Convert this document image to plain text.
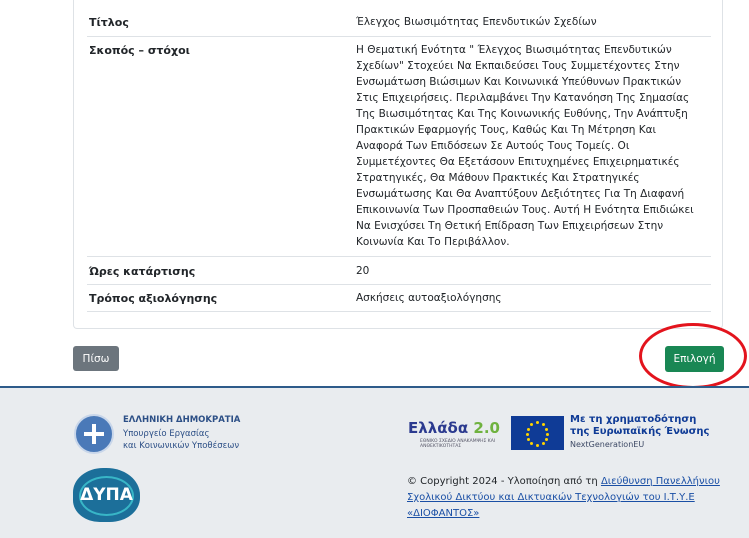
Τίτλος	Έλεγχος Βιωσιμότητας Επενδυτικών Σχεδίων
Σκοπός – στόχοι	Η Θεματική Ενότητα " Έλεγχος Βιωσιμότητας Επενδυτικών Σχεδίων" Στοχεύει Να Εκπαιδεύσει Τους Συμμετέχοντες Στην Ενσωμάτωση Βιώσιμων Και Κοινωνικά Υπεύθυνων Πρακτικών Στις Επιχειρήσεις. Περιλαμβάνει Την Κατανόηση Της Σημασίας Της Βιωσιμότητας Και Της Κοινωνικής Ευθύνης, Την Ανάπτυξη Πρακτικών Εφαρμογής Τους, Καθώς Και Τη Μέτρηση Και Αναφορά Των Επιδόσεων Σε Αυτούς Τους Τομείς. Οι Συμμετέχοντες Θα Εξετάσουν Επιτυχημένες Επιχειρηματικές Στρατηγικές, Θα Μάθουν Πρακτικές Και Στρατηγικές Ενσωμάτωσης Και Θα Αναπτύξουν Δεξιότητες Για Τη Διαφανή Επικοινωνία Των Προσπαθειών Τους. Αυτή Η Ενότητα Επιδιώκει Να Ενισχύσει Τη Θετική Επίδραση Των Επιχειρήσεων Στην Κοινωνία Και Το Περιβάλλον.
Ώρες κατάρτισης	20
Τρόπος αξιολόγησης	Ασκήσεις αυτοαξιολόγησης
Πίσω	Επιλογή
ΕΛΛΗΝΙΚΗ ΔΗΜΟΚΡΑΤΙΑ
Υπουργείο Εργασίας
και Κοινωνικών Υποθέσεων
ΔΥΠΑ
Ελλάδα 2.0
ΕΘΝΙΚΟ ΣΧΕΔΙΟ ΑΝΑΚΑΜΨΗΣ ΚΑΙ ΑΝΘΕΚΤΙΚΟΤΗΤΑΣ
Με τη χρηματοδότηση
της Ευρωπαϊκής Ένωσης
NextGenerationEU
© Copyright 2024 - Υλοποίηση από τη Διεύθυνση Πανελλήνιου Σχολικού Δικτύου και Δικτυακών Τεχνολογιών του Ι.Τ.Υ.Ε «ΔΙΟΦΑΝΤΟΣ»
